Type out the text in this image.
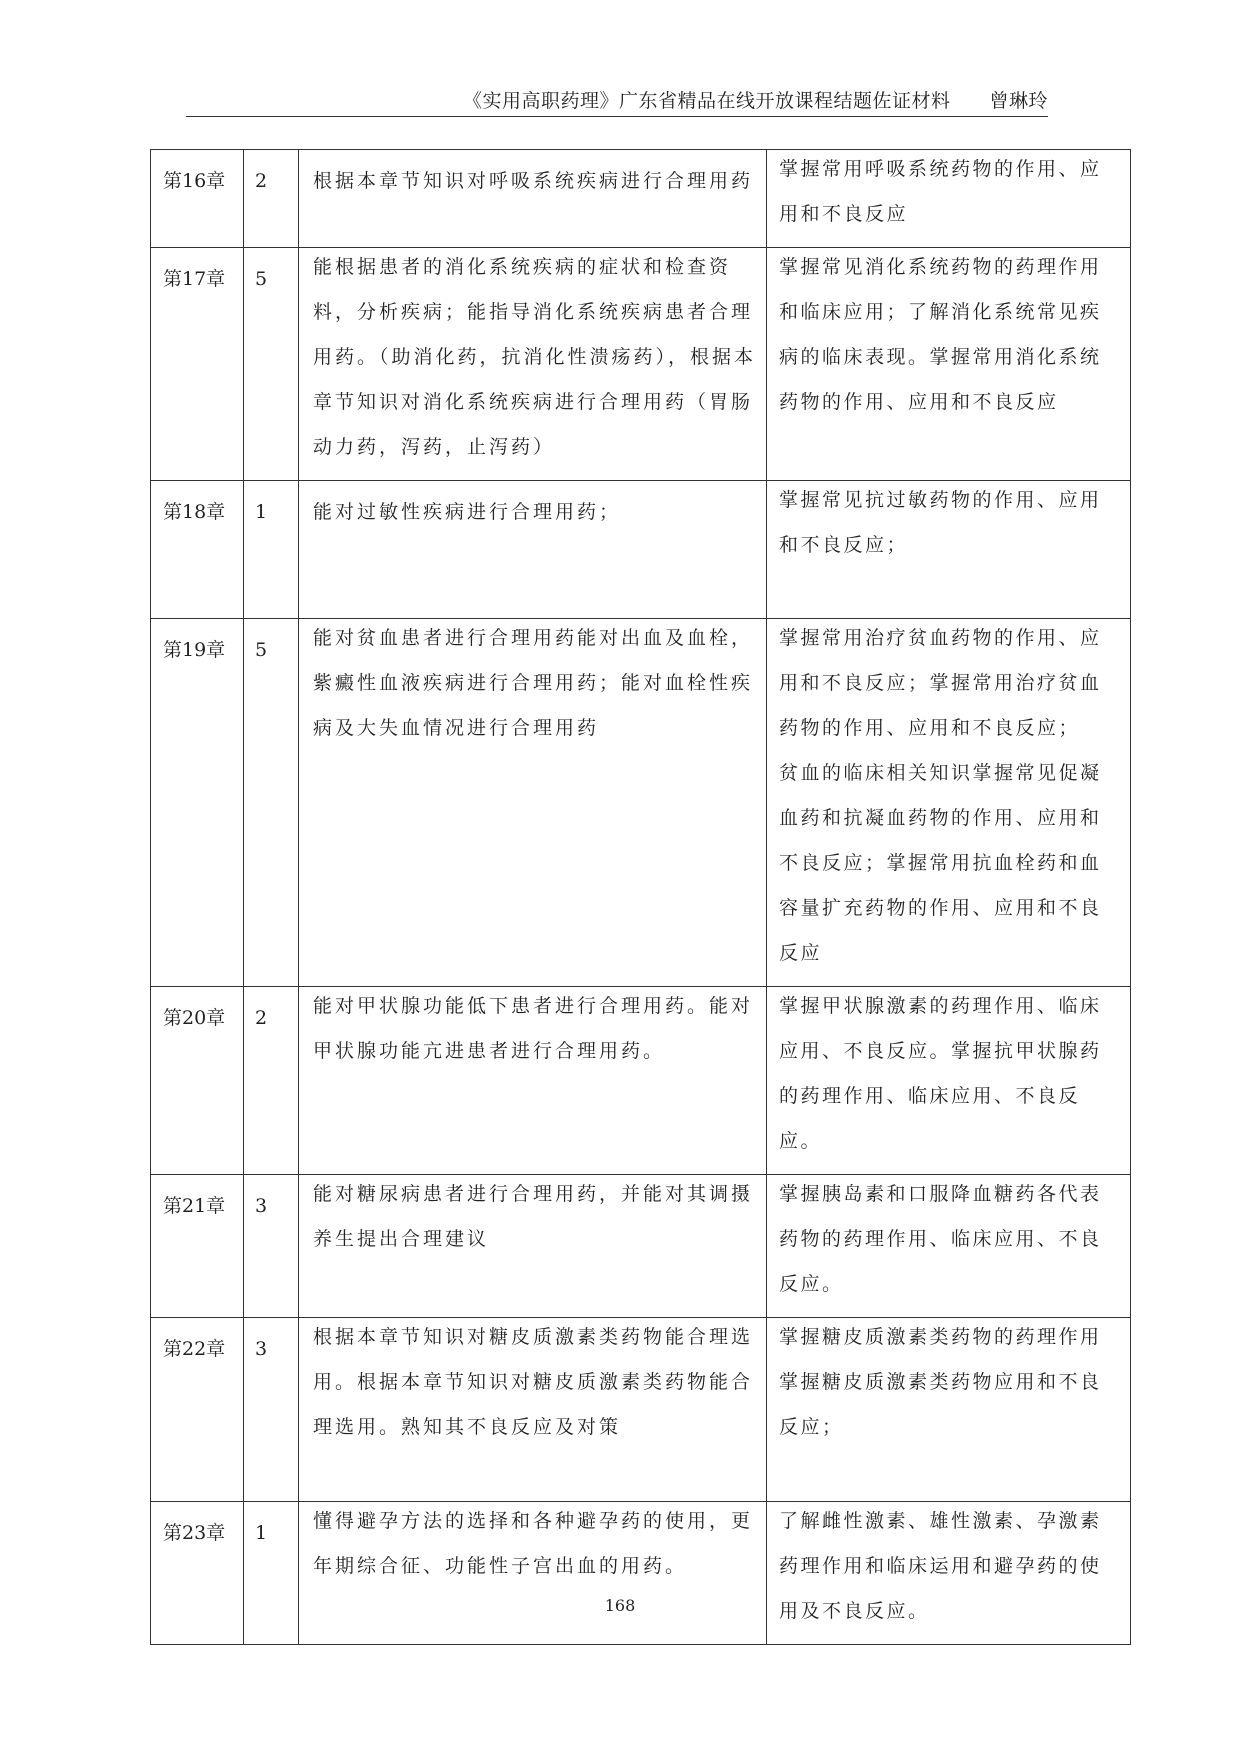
《实用高职药理》广东省精品在线开放课程结题佐证材料　　曾琳玲
第16章	2	根据本章节知识对呼吸系统疾病进行合理用药	掌握常用呼吸系统药物的作用、应用和不良反应

第17章	5	能根据患者的消化系统疾病的症状和检查资料，分析疾病；能指导消化系统疾病患者合理用药。（助消化药，抗消化性溃疡药），根据本章节知识对消化系统疾病进行合理用药（胃肠动力药，泻药，止泻药）	掌握常见消化系统药物的药理作用和临床应用；了解消化系统常见疾病的临床表现。掌握常用消化系统药物的作用、应用和不良反应

第18章	1	能对过敏性疾病进行合理用药；	掌握常见抗过敏药物的作用、应用和不良反应；

第19章	5	能对贫血患者进行合理用药能对出血及血栓，紫癜性血液疾病进行合理用药；能对血栓性疾病及大失血情况进行合理用药	掌握常用治疗贫血药物的作用、应用和不良反应；掌握常用治疗贫血药物的作用、应用和不良反应；
贫血的临床相关知识掌握常见促凝血药和抗凝血药物的作用、应用和不良反应；掌握常用抗血栓药和血容量扩充药物的作用、应用和不良反应

第20章	2	能对甲状腺功能低下患者进行合理用药。能对甲状腺功能亢进患者进行合理用药。	掌握甲状腺激素的药理作用、临床应用、不良反应。掌握抗甲状腺药的药理作用、临床应用、不良反应。

第21章	3	能对糖尿病患者进行合理用药，并能对其调摄养生提出合理建议	掌握胰岛素和口服降血糖药各代表药物的药理作用、临床应用、不良反应。

第22章	3	根据本章节知识对糖皮质激素类药物能合理选用。根据本章节知识对糖皮质激素类药物能合理选用。熟知其不良反应及对策	掌握糖皮质激素类药物的药理作用
掌握糖皮质激素类药物应用和不良反应；

第23章	1	懂得避孕方法的选择和各种避孕药的使用，更年期综合征、功能性子宫出血的用药。	了解雌性激素、雄性激素、孕激素药理作用和临床运用和避孕药的使用及不良反应。
168
